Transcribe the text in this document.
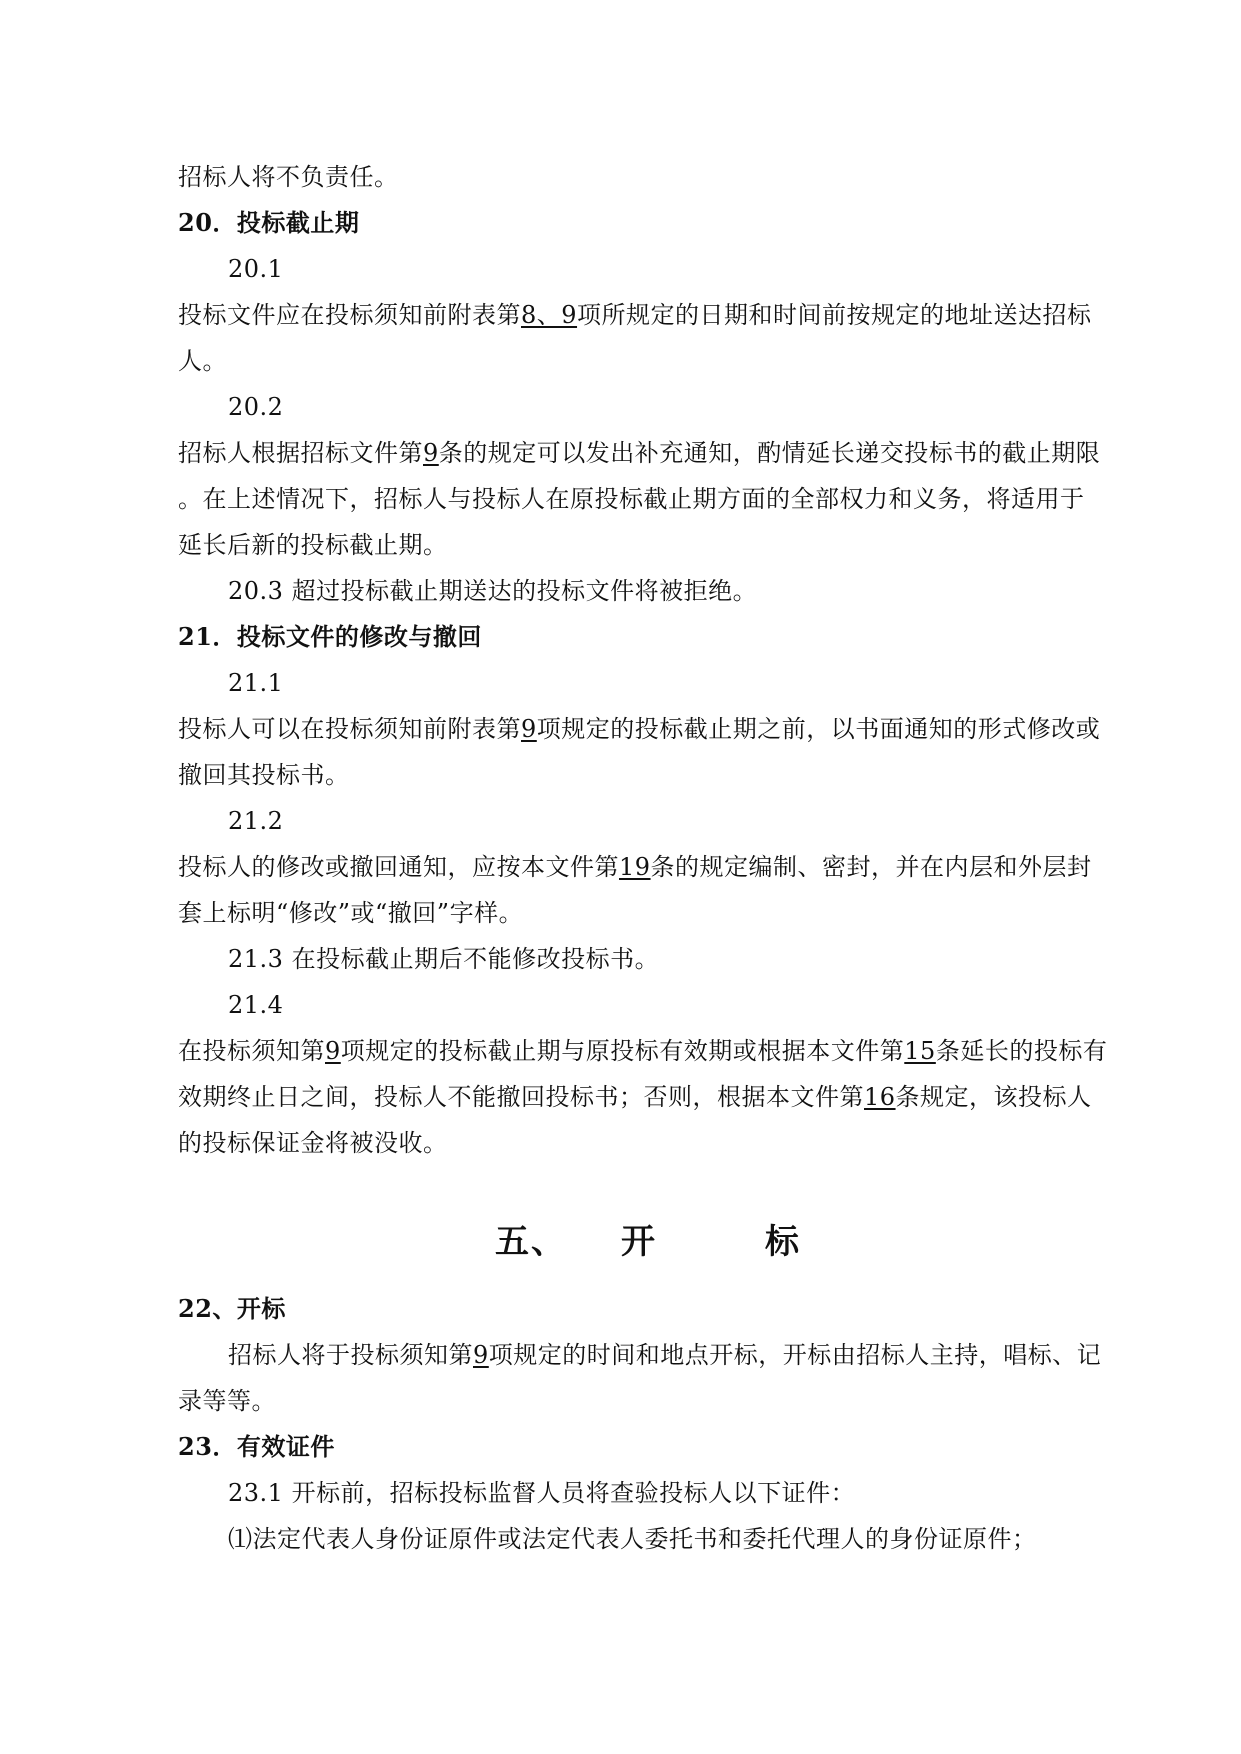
招标人将不负责任。
20．投标截止期
20.1
投标文件应在投标须知前附表第8、9项所规定的日期和时间前按规定的地址送达招标
人。
20.2
招标人根据招标文件第9条的规定可以发出补充通知，酌情延长递交投标书的截止期限
。在上述情况下，招标人与投标人在原投标截止期方面的全部权力和义务，将适用于
延长后新的投标截止期。
20.3 超过投标截止期送达的投标文件将被拒绝。
21．投标文件的修改与撤回
21.1
投标人可以在投标须知前附表第9项规定的投标截止期之前，以书面通知的形式修改或
撤回其投标书。
21.2
投标人的修改或撤回通知，应按本文件第19条的规定编制、密封，并在内层和外层封
套上标明“修改”或“撤回”字样。
21.3 在投标截止期后不能修改投标书。
21.4
在投标须知第9项规定的投标截止期与原投标有效期或根据本文件第15条延长的投标有
效期终止日之间，投标人不能撤回投标书；否则，根据本文件第16条规定，该投标人
的投标保证金将被没收。
五、 开	标
22、开标
招标人将于投标须知第9项规定的时间和地点开标，开标由招标人主持，唱标、记
录等等。
23．有效证件
23.1 开标前，招标投标监督人员将查验投标人以下证件：
⑴法定代表人身份证原件或法定代表人委托书和委托代理人的身份证原件；
